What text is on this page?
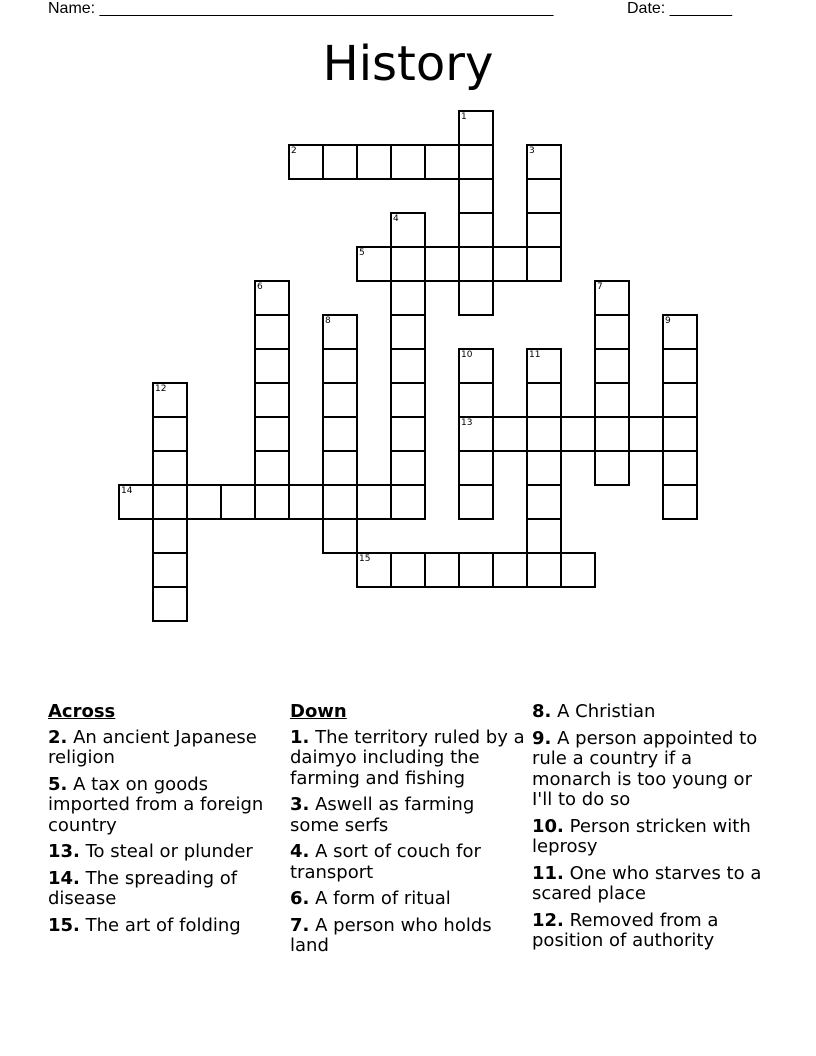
Name: ___________________________________________________	Date: _______
History
1
2	3
4
5
6	7
8	9
10	11
12
13
14
15
Across
2. An ancient Japanese religion
5. A tax on goods imported from a foreign country
13. To steal or plunder
14. The spreading of disease
15. The art of folding
Down
1. The territory ruled by a daimyo including the farming and fishing
3. Aswell as farming some serfs
4. A sort of couch for transport
6. A form of ritual
7. A person who holds land
8. A Christian
9. A person appointed to rule a country if a monarch is too young or I'll to do so
10. Person stricken with leprosy
11. One who starves to a scared place
12. Removed from a position of authority
